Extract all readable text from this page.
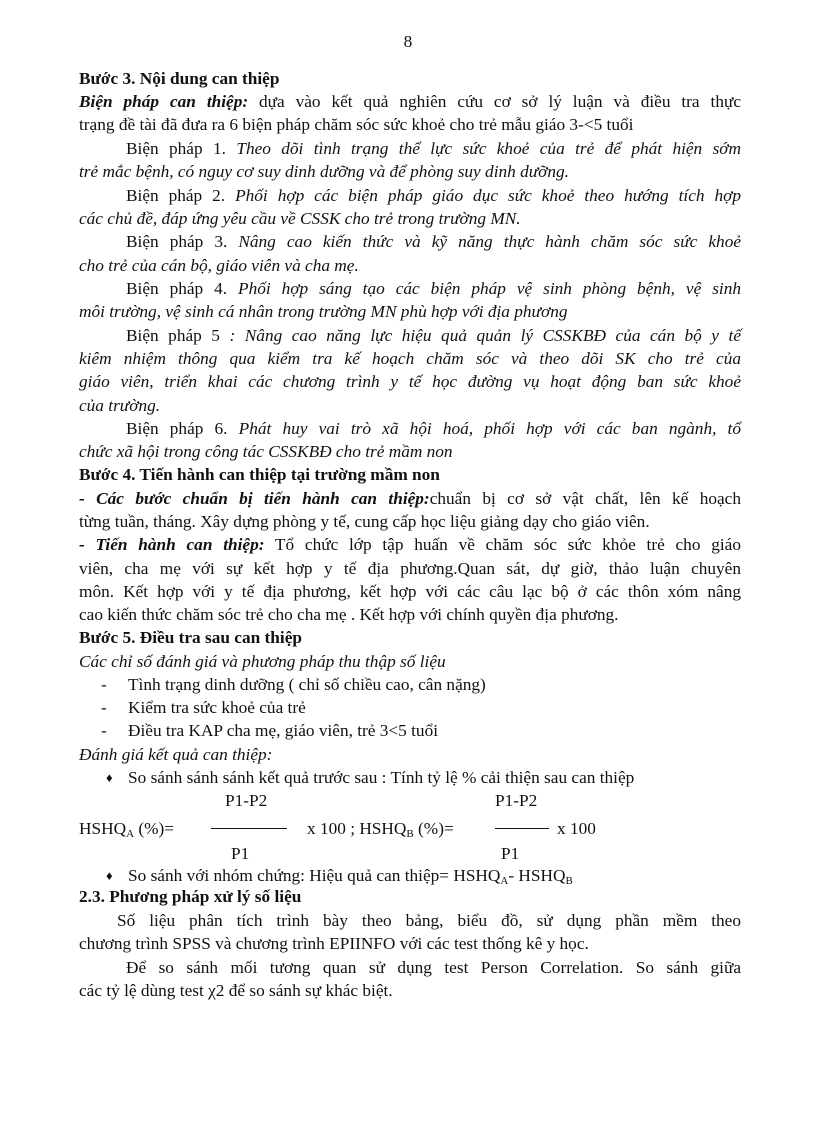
8
Bước 3. Nội dung can thiệp
Biện pháp can thiệp: dựa vào kết quả nghiên cứu cơ sở lý luận và điều tra thực
trạng đề tài đã đưa ra 6 biện pháp chăm sóc sức khoẻ cho trẻ mẫu giáo 3-<5 tuổi
Biện pháp 1. Theo dõi tình trạng thể lực sức khoẻ của trẻ để phát hiện sớm
trẻ mắc bệnh, có nguy cơ suy dinh dưỡng và để phòng suy dinh dưỡng.
Biện pháp 2. Phối hợp các biện pháp giáo dục sức khoẻ theo hướng tích hợp
các chủ đề, đáp ứng yêu cầu về CSSK cho trẻ trong trường MN.
Biện pháp 3. Nâng cao kiến thức và kỹ năng thực hành chăm sóc sức khoẻ
cho trẻ của cán bộ, giáo viên và cha mẹ.
Biện pháp 4. Phối hợp sáng tạo các biện pháp vệ sinh phòng bệnh, vệ sinh
môi trường, vệ sinh cá nhân trong trường MN phù hợp với địa phương
Biện pháp 5 : Nâng cao năng lực hiệu quả quản lý CSSKBĐ của cán bộ y tế
kiêm nhiệm thông qua kiểm tra kế hoạch chăm sóc và theo dõi SK cho trẻ của
giáo viên, triển khai các chương trình y tế học đường vụ hoạt động ban sức khoẻ
của trường.
Biện pháp 6. Phát huy vai trò xã hội hoá, phối hợp với các ban ngành, tổ
chức xã hội trong công tác CSSKBĐ cho trẻ mầm non
Bước 4. Tiến hành can thiệp tại trường mầm non
- Các bước chuẩn bị tiến hành can thiệp:chuẩn bị cơ sở vật chất, lên kế hoạch
từng tuần, tháng. Xây dựng phòng y tế, cung cấp học liệu giảng dạy cho giáo viên.
- Tiến hành can thiệp: Tổ chức lớp tập huấn về chăm sóc sức khỏe trẻ cho giáo
viên, cha mẹ với sự kết hợp y tế địa phương.Quan sát, dự giờ, thảo luận chuyên
môn. Kết hợp với y tế địa phương, kết hợp với các câu lạc bộ ở các thôn xóm nâng
cao kiến thức chăm sóc trẻ cho cha mẹ . Kết hợp với chính quyền địa phương.
Bước 5. Điều tra sau can thiệp
Các chỉ số đánh giá và phương pháp thu thập số liệu
- Tình trạng dinh dưỡng ( chỉ số chiều cao, cân nặng)
- Kiểm tra sức khoẻ của trẻ
- Điều tra KAP cha mẹ, giáo viên, trẻ 3<5 tuổi
Đánh giá kết quả can thiệp:
♦ So sánh sánh sánh kết quả trước sau : Tính tỷ lệ % cải thiện sau can thiệp
P1-P2
P1
$HSHQ_A$ (%)=	x 100 ; $HSHQ_B$ (%)=
P1-P2
P1
x 100
♦ So sánh với nhóm chứng: Hiệu quả can thiệp= $HSHQ_A-$ $HSHQ_B$
2.3. Phương pháp xử lý số liệu
Số liệu phân tích trình bày theo bảng, biểu đồ, sử dụng phần mềm theo
chương trình SPSS và chương trình EPIINFO với các test thống kê y học.
Để so sánh mối tương quan sử dụng test Person Correlation. So sánh giữa
các tỷ lệ dùng test χ2 để so sánh sự khác biệt.
